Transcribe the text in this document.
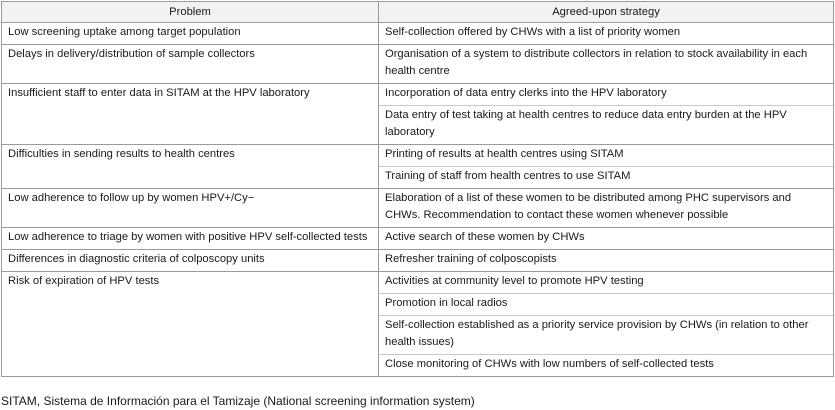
Problem	Agreed-upon strategy
Low screening uptake among target population	Self-collection offered by CHWs with a list of priority women

Delays in delivery/distribution of sample collectors	Organisation of a system to distribute collectors in relation to stock availability in each health centre

Insufficient staff to enter data in SITAM at the HPV laboratory	Incorporation of data entry clerks into the HPV laboratory
Data entry of test taking at health centres to reduce data entry burden at the HPV laboratory

Difficulties in sending results to health centres	Printing of results at health centres using SITAM
Training of staff from health centres to use SITAM

Low adherence to follow up by women HPV+/Cy−	Elaboration of a list of these women to be distributed among PHC supervisors and CHWs. Recommendation to contact these women whenever possible

Low adherence to triage by women with positive HPV self-collected tests	Active search of these women by CHWs

Differences in diagnostic criteria of colposcopy units	Refresher training of colposcopists

Risk of expiration of HPV tests	Activities at community level to promote HPV testing
Promotion in local radios
Self-collection established as a priority service provision by CHWs (in relation to other health issues)
Close monitoring of CHWs with low numbers of self-collected tests
SITAM, Sistema de Información para el Tamizaje (National screening information system)
